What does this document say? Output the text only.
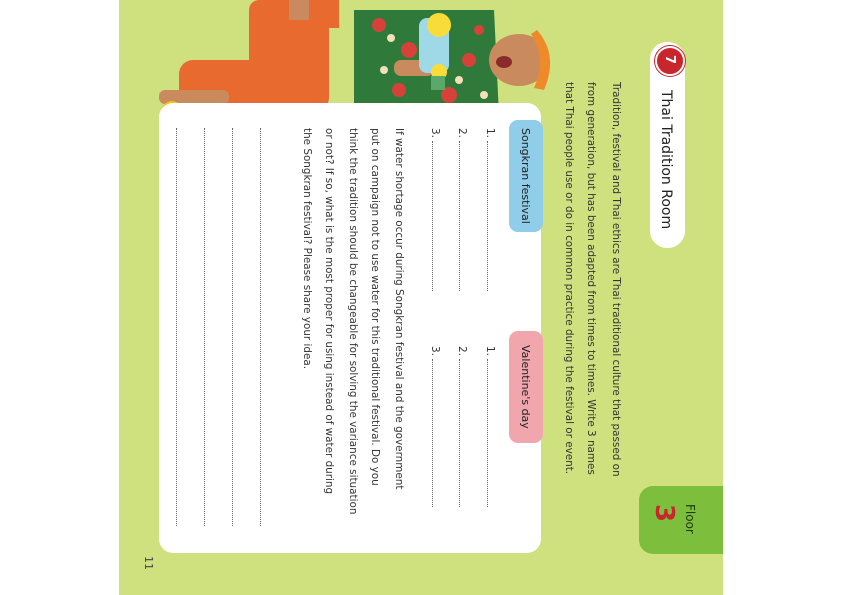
Floor
3
Thai Tradition Room
7
Tradition, festival and Thai ethics are Thai traditional culture that passed on
from generation, but has been adapted from times to times. Write 3 names
that Thai people use or do in common practice during the festival or event.
Songkran festival
Valentine's day
1.
2.
3.
1.
2.
3.
If water shortage occur during Songkran festival and the government
put on campaign not to use water for this traditional festival. Do you
think the tradition should be changeable for solving the variance situation
or not? If so, what is the most proper for using instead of water during
the Songkran festival? Please share your idea.
11
